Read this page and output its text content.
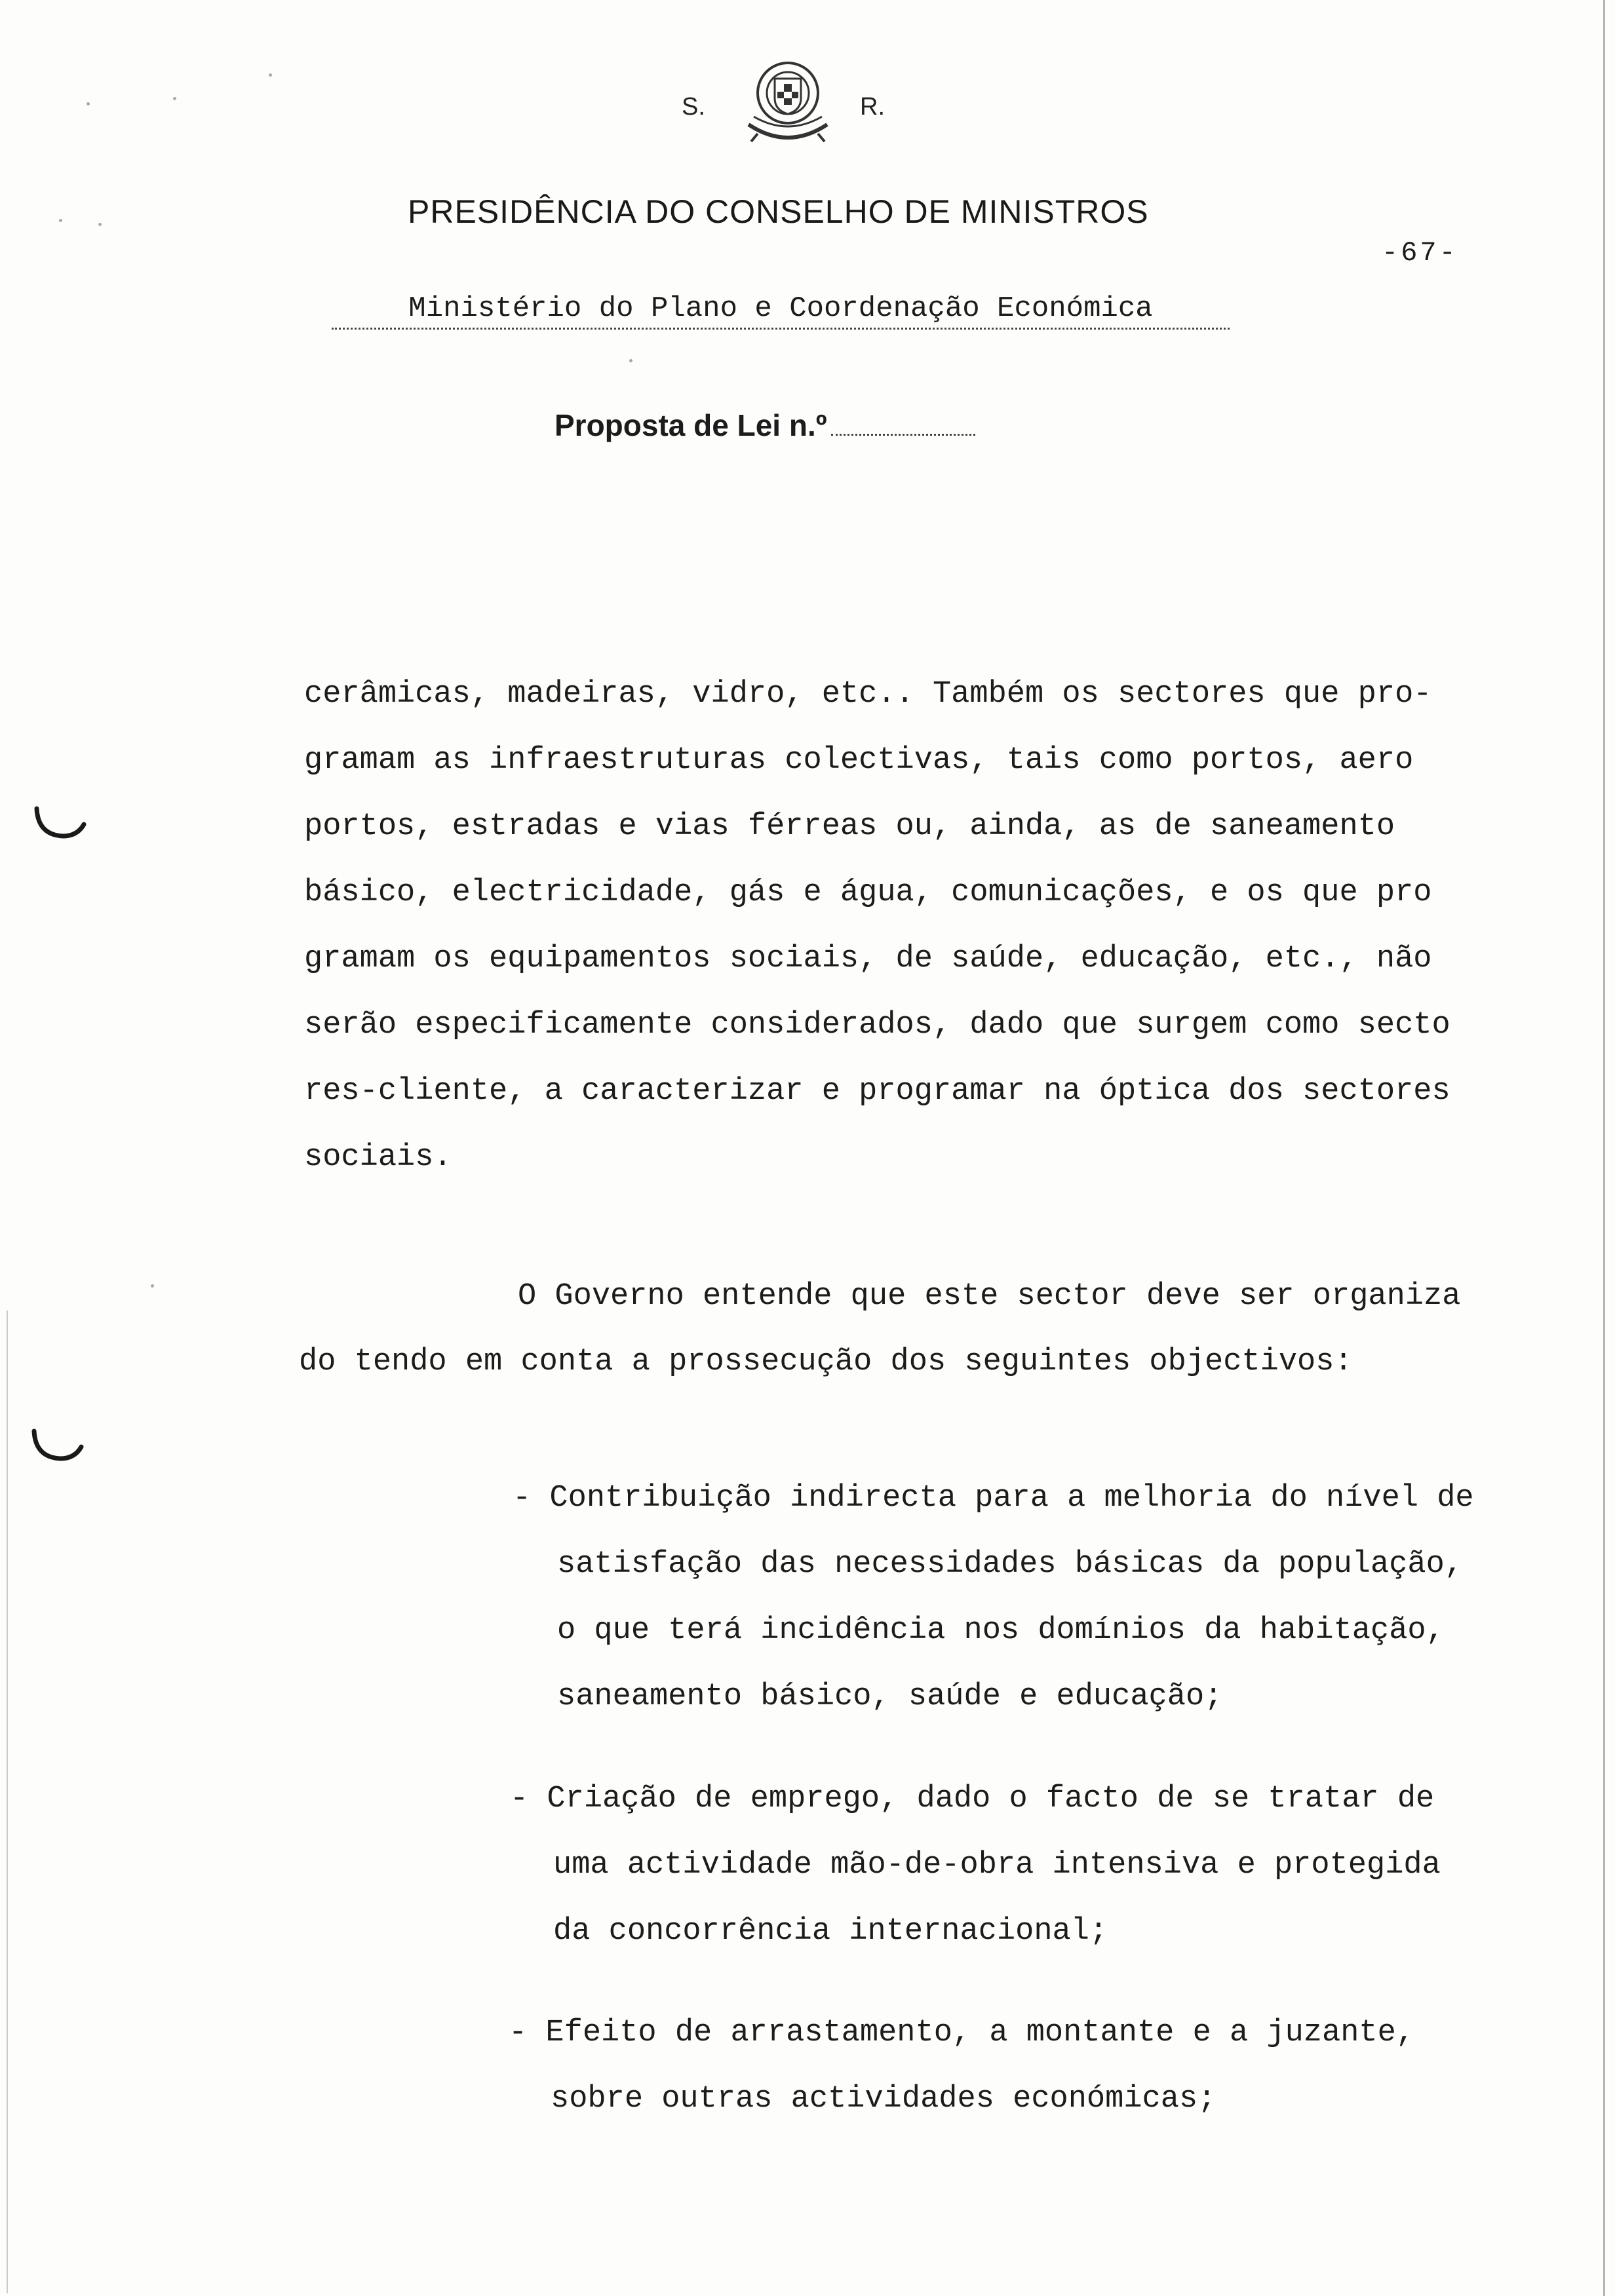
S.	R.
PRESIDÊNCIA DO CONSELHO DE MINISTROS
-67-
Ministério do Plano e Coordenação Económica
Proposta de Lei n.º
cerâmicas, madeiras, vidro, etc.. Também os sectores que pro-
gramam as infraestruturas colectivas, tais como portos, aero
portos, estradas e vias férreas ou, ainda, as de saneamento
básico, electricidade, gás e água, comunicações, e os que pro
gramam os equipamentos sociais, de saúde, educação, etc., não
serão especificamente considerados, dado que surgem como secto
res-cliente, a caracterizar e programar na óptica dos sectores
sociais.
O Governo entende que este sector deve ser organiza
do tendo em conta a prossecução dos seguintes objectivos:
- Contribuição indirecta para a melhoria do nível de
satisfação das necessidades básicas da população,
o que terá incidência nos domínios da habitação,
saneamento básico, saúde e educação;
- Criação de emprego, dado o facto de se tratar de
uma actividade mão-de-obra intensiva e protegida
da concorrência internacional;
- Efeito de arrastamento, a montante e a juzante,
sobre outras actividades económicas;
